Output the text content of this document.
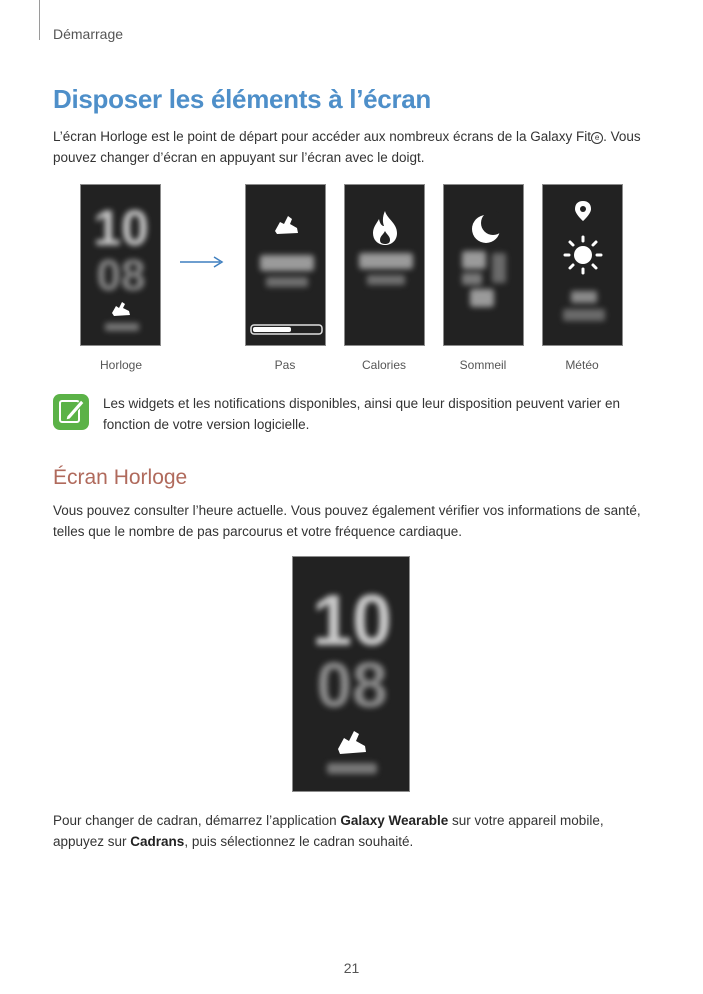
Démarrage
Disposer les éléments à l’écran

L’écran Horloge est le point de départ pour accéder aux nombreux écrans de la Galaxy Fit e . Vous pouvez changer d’écran en appuyant sur l’écran avec le doigt.

10
08
Horloge	Pas	Calories	Sommeil	Météo

Les widgets et les notifications disponibles, ainsi que leur disposition peuvent varier en fonction de votre version logicielle.

Écran Horloge

Vous pouvez consulter l’heure actuelle. Vous pouvez également vérifier vos informations de santé, telles que le nombre de pas parcourus et votre fréquence cardiaque.

10
08

Pour changer de cadran, démarrez l’application Galaxy Wearable sur votre appareil mobile, appuyez sur Cadrans, puis sélectionnez le cadran souhaité.

21
